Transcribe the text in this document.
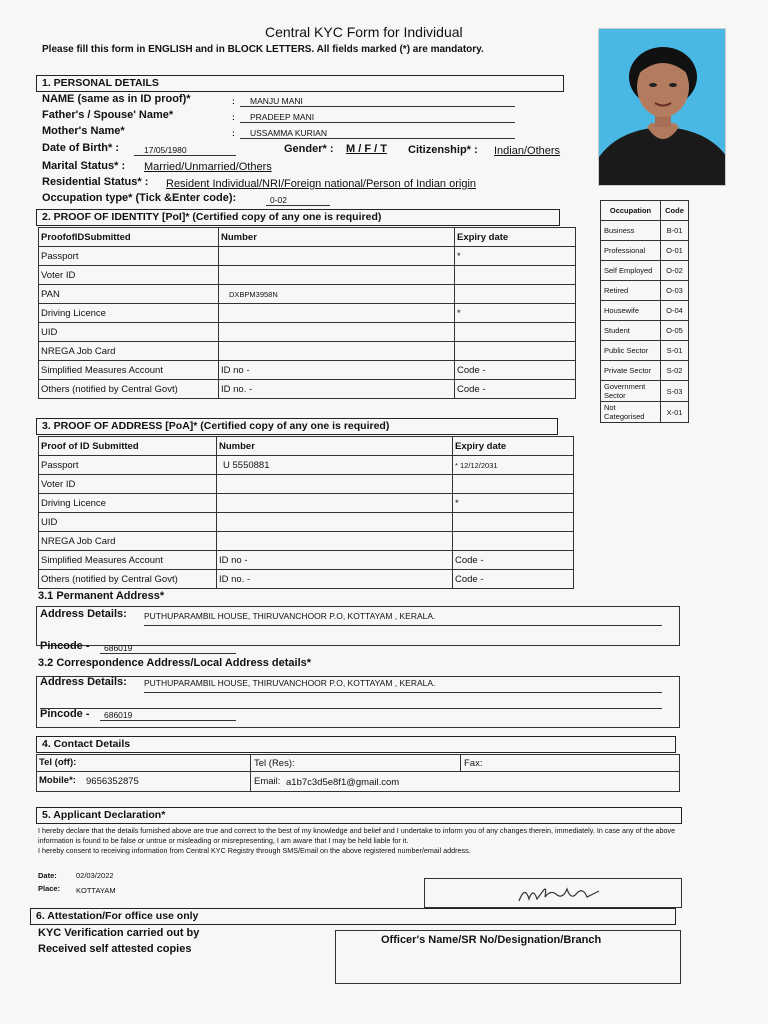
Central KYC Form for Individual
Please fill this form in ENGLISH and in BLOCK LETTERS. All fields marked (*) are mandatory.
1. PERSONAL DETAILS
NAME (same as in ID proof)*	:	MANJU MANI
Father's / Spouse' Name*	:	PRADEEP MANI
Mother's Name*	:	USSAMMA KURIAN
Date of Birth* :	17/05/1980	Gender* : M / F / T Citizenship* : Indian/Others
Marital Status* : Married/Unmarried/Others
Residential Status* : Resident Individual/NRI/Foreign national/Person of Indian origin
Occupation type* (Tick &Enter code):	0-02
Occupation	Code
Business	B-01
Professional	O-01
Self Employed	O-02
Retired	O-03
Housewife	O-04
Student	O-05
Public Sector	S-01
Private Sector	S-02
Government Sector	S-03
Not Categorised	X-01
2. PROOF OF IDENTITY [PoI]* (Certified copy of any one is required)
ProofofIDSubmitted	Number	Expiry date
Passport		*
Voter ID		
PAN	DXBPM3958N	
Driving Licence		*
UID		
NREGA Job Card		
Simplified Measures Account	ID no -	Code -
Others (notified by Central Govt)	ID no. -	Code -
3. PROOF OF ADDRESS [PoA]* (Certified copy of any one is required)
Proof of ID Submitted	Number	Expiry date
Passport	U 5550881	* 12/12/2031
Voter ID		
Driving Licence		*
UID		
NREGA Job Card		
Simplified Measures Account	ID no -	Code -
Others (notified by Central Govt)	ID no. -	Code -
3.1 Permanent Address*
Address Details: PUTHUPARAMBIL HOUSE, THIRUVANCHOOR P.O, KOTTAYAM , KERALA.
Pincode -	686019
3.2 Correspondence Address/Local Address details*
Address Details: PUTHUPARAMBIL HOUSE, THIRUVANCHOOR P.O, KOTTAYAM , KERALA.
Pincode -	686019
4. Contact Details
Tel (off):	Tel (Res):	Fax:
Mobile*: 9656352875	Email: a1b7c3d5e8f1@gmail.com
5. Applicant Declaration*
I hereby declare that the details furnished above are true and correct to the best of my knowledge and belief and I undertake to inform you of any changes therein, immediately. In case any of the above information is found to be false or untrue or misleading or misrepresenting, I am aware that I may be held liable for it.
I hereby consent to receiving information from Central KYC Registry through SMS/Email on the above registered number/email address.
Date:	02/03/2022
Place: KOTTAYAM
6. Attestation/For office use only
KYC Verification carried out by
Received self attested copies
Officer's Name/SR No/Designation/Branch
